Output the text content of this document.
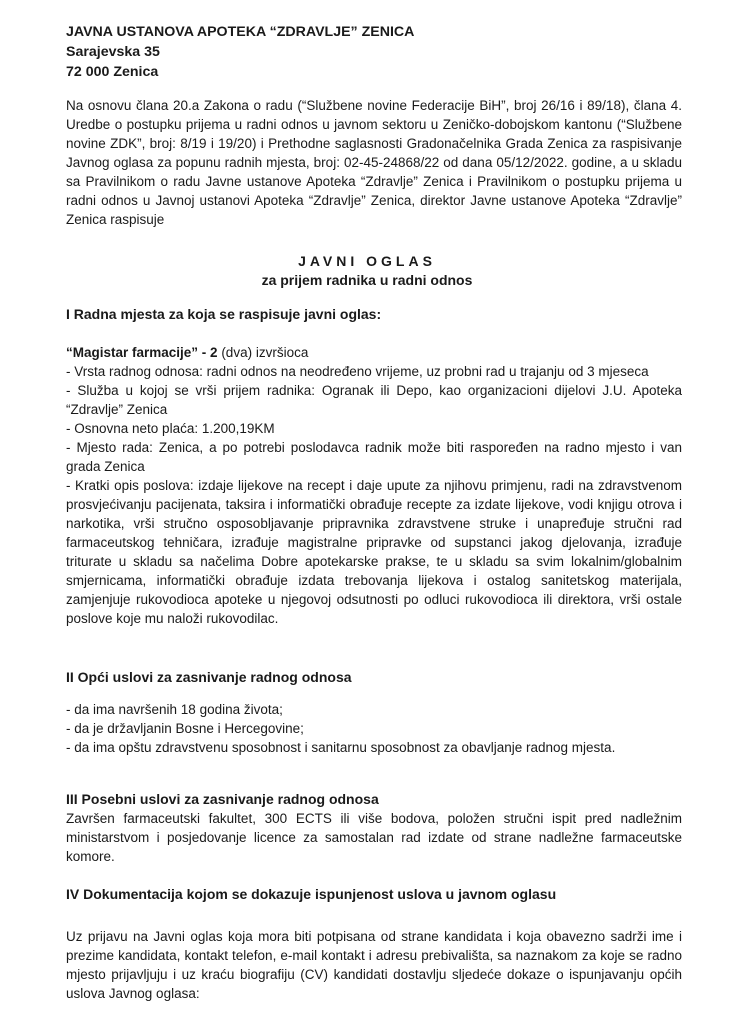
JAVNA USTANOVA APOTEKA “ZDRAVLJE” ZENICA
Sarajevska 35
72 000 Zenica

Na osnovu člana 20.a Zakona o radu (“Službene novine Federacije BiH”, broj 26/16 i 89/18), člana 4. Uredbe o postupku prijema u radni odnos u javnom sektoru u Zeničko-dobojskom kantonu (“Službene novine ZDK”, broj: 8/19 i 19/20) i Prethodne saglasnosti Gradonačelnika Grada Zenica za raspisivanje Javnog oglasa za popunu radnih mjesta, broj: 02-45-24868/22 od dana 05/12/2022. godine, a u skladu sa Pravilnikom o radu Javne ustanove Apoteka “Zdravlje” Zenica i Pravilnikom o postupku prijema u radni odnos u Javnoj ustanovi Apoteka “Zdravlje” Zenica, direktor Javne ustanove Apoteka “Zdravlje” Zenica raspisuje

JAVNI OGLAS
za prijem radnika u radni odnos
I Radna mjesta za koja se raspisuje javni oglas:

“Magistar farmacije” - 2 (dva) izvršioca

- Vrsta radnog odnosa: radni odnos na neodređeno vrijeme, uz probni rad u trajanju od 3 mjeseca

- Služba u kojoj se vrši prijem radnika: Ogranak ili Depo, kao organizacioni dijelovi J.U. Apoteka “Zdravlje” Zenica

- Osnovna neto plaća: 1.200,19KM

- Mjesto rada: Zenica, a po potrebi poslodavca radnik može biti raspoređen na radno mjesto i van grada Zenica

- Kratki opis poslova: izdaje lijekove na recept i daje upute za njihovu primjenu, radi na zdravstvenom prosvjećivanju pacijenata, taksira i informatički obrađuje recepte za izdate lijekove, vodi knjigu otrova i narkotika, vrši stručno osposobljavanje pripravnika zdravstvene struke i unapređuje stručni rad farmaceutskog tehničara, izrađuje magistralne pripravke od supstanci jakog djelovanja, izrađuje triturate u skladu sa načelima Dobre apotekarske prakse, te u skladu sa svim lokalnim/globalnim smjernicama, informatički obrađuje izdata trebovanja lijekova i ostalog sanitetskog materijala, zamjenjuje rukovodioca apoteke u njegovoj odsutnosti po odluci rukovodioca ili direktora, vrši ostale poslove koje mu naloži rukovodilac.

II Opći uslovi za zasnivanje radnog odnosa
- da ima navršenih 18 godina života;
- da je državljanin Bosne i Hercegovine;
- da ima opštu zdravstvenu sposobnost i sanitarnu sposobnost za obavljanje radnog mjesta.
III Posebni uslovi za zasnivanje radnog odnosa

Završen farmaceutski fakultet, 300 ECTS ili više bodova, položen stručni ispit pred nadležnim ministarstvom i posjedovanje licence za samostalan rad izdate od strane nadležne farmaceutske komore.

IV Dokumentacija kojom se dokazuje ispunjenost uslova u javnom oglasu

Uz prijavu na Javni oglas koja mora biti potpisana od strane kandidata i koja obavezno sadrži ime i prezime kandidata, kontakt telefon, e-mail kontakt i adresu prebivališta, sa naznakom za koje se radno mjesto prijavljuju i uz kraću biografiju (CV) kandidati dostavlju sljedeće dokaze o ispunjavanju općih uslova Javnog oglasa:
